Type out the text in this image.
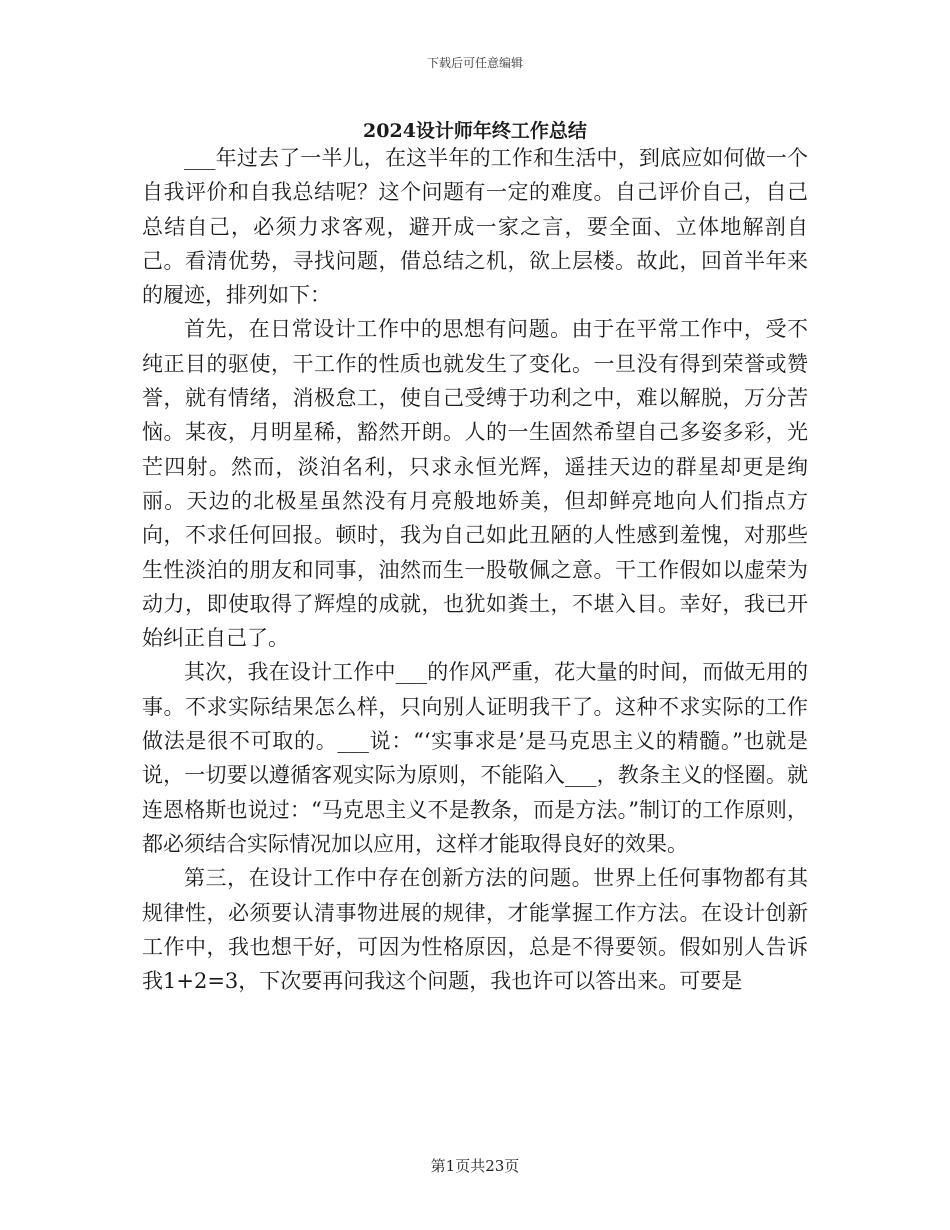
下载后可任意编辑
2024设计师年终工作总结

___年过去了一半儿，在这半年的工作和生活中，到底应如何做一个自我评价和自我总结呢？这个问题有一定的难度。自己评价自己，自己总结自己，必须力求客观，避开成一家之言，要全面、立体地解剖自己。看清优势，寻找问题，借总结之机，欲上层楼。故此，回首半年来的履迹，排列如下：

首先，在日常设计工作中的思想有问题。由于在平常工作中，受不纯正目的驱使，干工作的性质也就发生了变化。一旦没有得到荣誉或赞誉，就有情绪，消极怠工，使自己受缚于功利之中，难以解脱，万分苦恼。某夜，月明星稀，豁然开朗。人的一生固然希望自己多姿多彩，光芒四射。然而，淡泊名利，只求永恒光辉，遥挂天边的群星却更是绚丽。天边的北极星虽然没有月亮般地娇美，但却鲜亮地向人们指点方向，不求任何回报。顿时，我为自己如此丑陋的人性感到羞愧，对那些生性淡泊的朋友和同事，油然而生一股敬佩之意。干工作假如以虚荣为动力，即使取得了辉煌的成就，也犹如粪土，不堪入目。幸好，我已开始纠正自己了。

其次，我在设计工作中___的作风严重，花大量的时间，而做无用的事。不求实际结果怎么样，只向别人证明我干了。这种不求实际的工作做法是很不可取的。___说：“‘实事求是’是马克思主义的精髓。”也就是说，一切要以遵循客观实际为原则，不能陷入___，教条主义的怪圈。就连恩格斯也说过：“马克思主义不是教条，而是方法。”制订的工作原则，都必须结合实际情况加以应用，这样才能取得良好的效果。

第三，在设计工作中存在创新方法的问题。世界上任何事物都有其规律性，必须要认清事物进展的规律，才能掌握工作方法。在设计创新工作中，我也想干好，可因为性格原因，总是不得要领。假如别人告诉我1+2=3，下次要再问我这个问题，我也许可以答出来。可要是

第1页共23页
